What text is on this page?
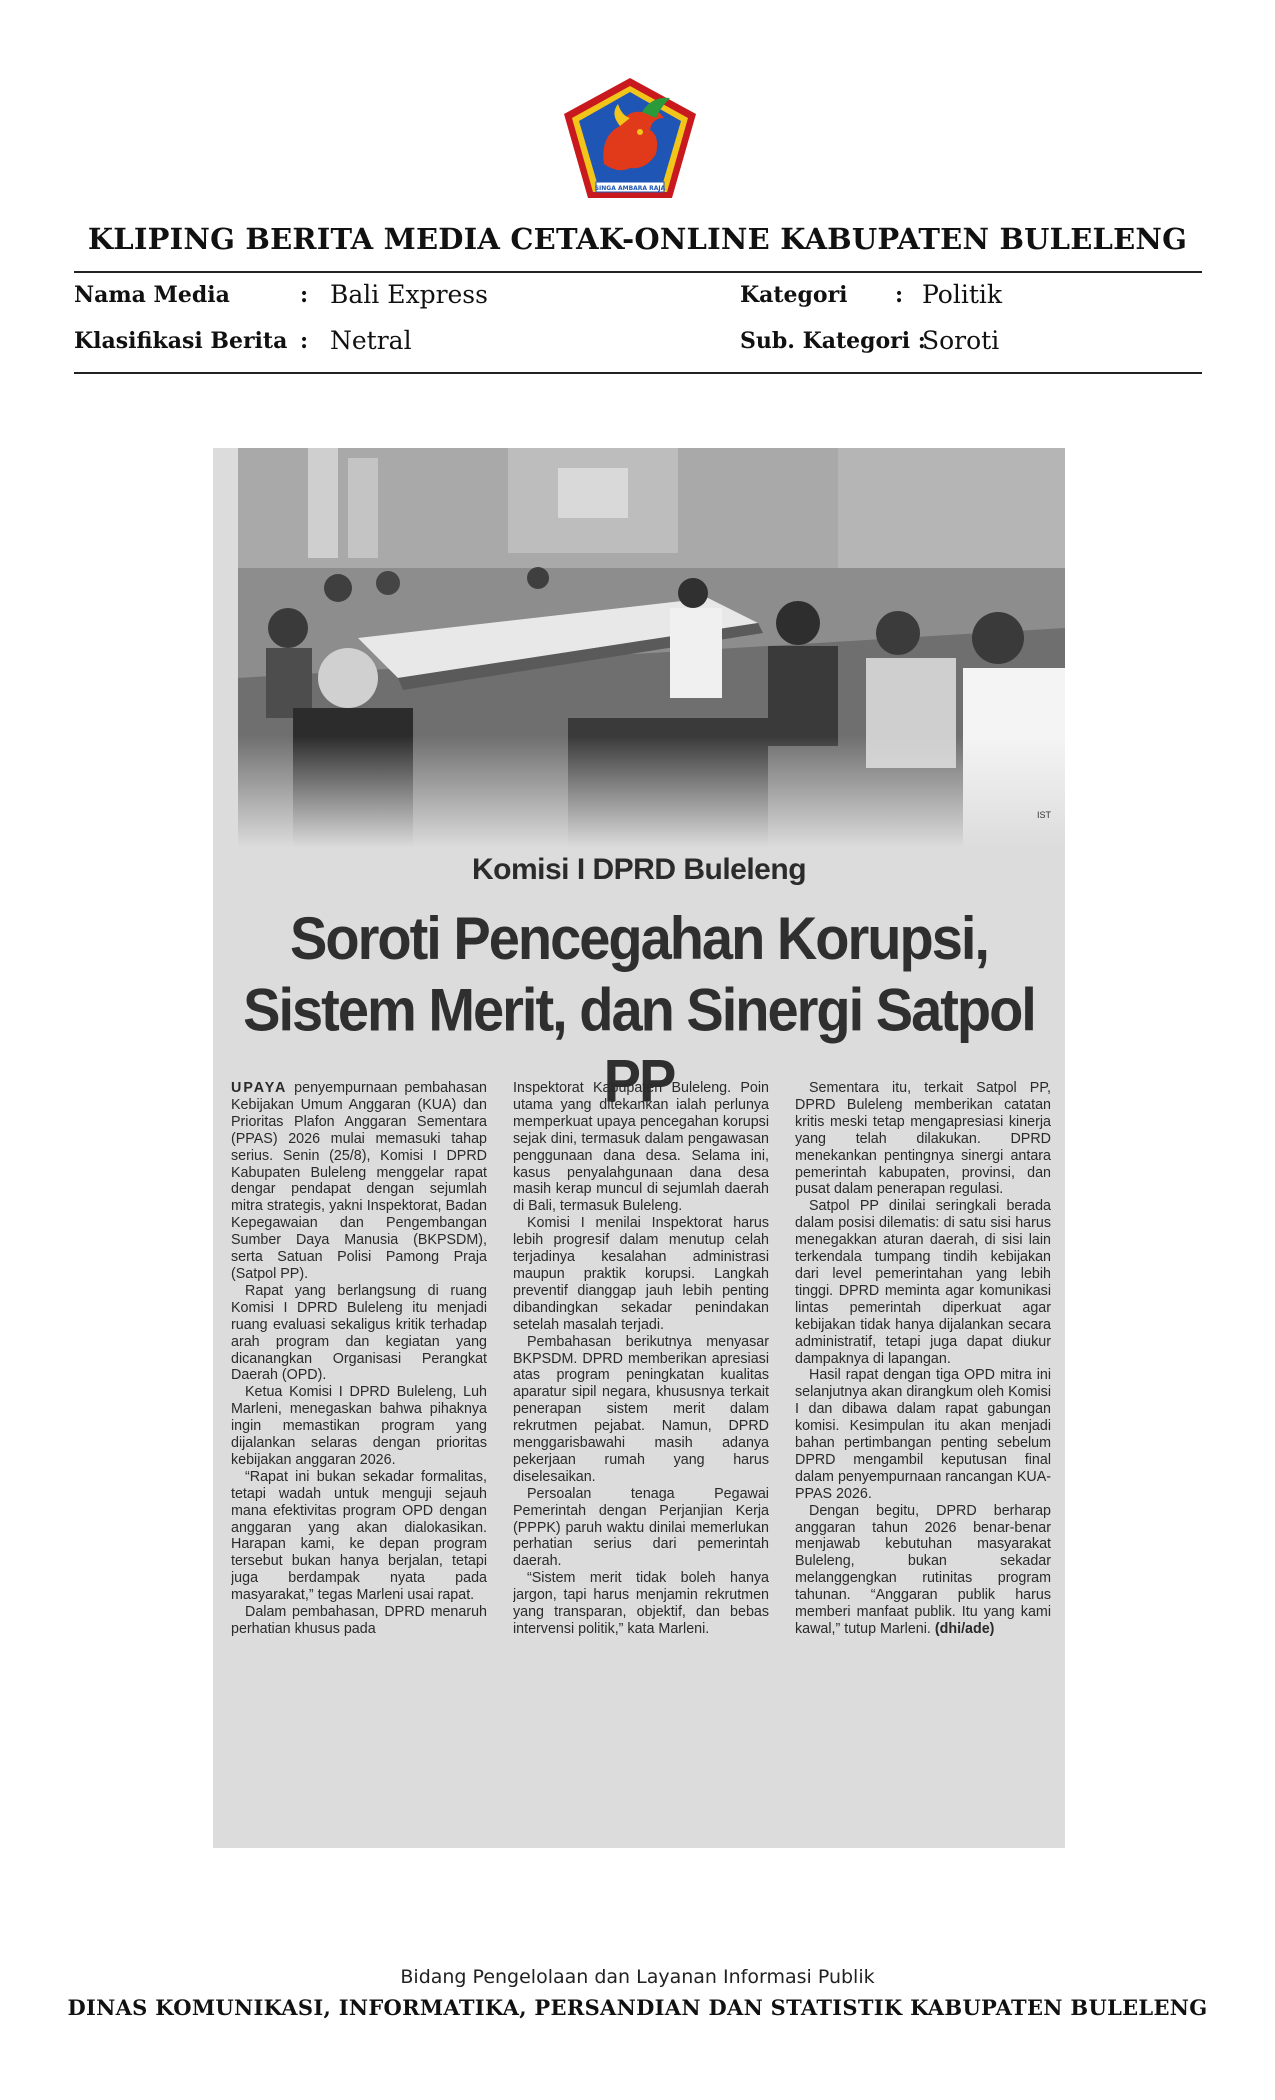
SINGA AMBARA RAJA
KLIPING BERITA MEDIA CETAK-ONLINE KABUPATEN BULELENG
Nama Media	: Bali Express
Klasifikasi Berita : Netral
Kategori : Politik
Sub. Kategori :
Soroti
IST
Komisi I DPRD Buleleng
Soroti Pencegahan Korupsi, Sistem Merit, dan Sinergi Satpol PP

UPAYA penyempurnaan pembahasan Kebijakan Umum Anggaran (KUA) dan Prioritas Plafon Anggaran Sementara (PPAS) 2026 mulai memasuki tahap serius. Senin (25/8), Komisi I DPRD Kabupaten Buleleng menggelar rapat dengar pendapat dengan sejumlah mitra strategis, yakni Inspektorat, Badan Kepegawaian dan Pengembangan Sumber Daya Manusia (BKPSDM), serta Satuan Polisi Pamong Praja (Satpol PP).

Rapat yang berlangsung di ruang Komisi I DPRD Buleleng itu menjadi ruang evaluasi sekaligus kritik terhadap arah program dan kegiatan yang dicanangkan Organisasi Perangkat Daerah (OPD).

Ketua Komisi I DPRD Buleleng, Luh Marleni, menegaskan bahwa pihaknya ingin memastikan program yang dijalankan selaras dengan prioritas kebijakan anggaran 2026.

“Rapat ini bukan sekadar formalitas, tetapi wadah untuk menguji sejauh mana efektivitas program OPD dengan anggaran yang akan dialokasikan. Harapan kami, ke depan program tersebut bukan hanya berjalan, tetapi juga berdampak nyata pada masyarakat,” tegas Marleni usai rapat.

Dalam pembahasan, DPRD menaruh perhatian khusus pada

Inspektorat Kabupaten Buleleng. Poin utama yang ditekankan ialah perlunya memperkuat upaya pencegahan korupsi sejak dini, termasuk dalam pengawasan penggunaan dana desa. Selama ini, kasus penyalahgunaan dana desa masih kerap muncul di sejumlah daerah di Bali, termasuk Buleleng.

Komisi I menilai Inspektorat harus lebih progresif dalam menutup celah terjadinya kesalahan administrasi maupun praktik korupsi. Langkah preventif dianggap jauh lebih penting dibandingkan sekadar penindakan setelah masalah terjadi.

Pembahasan berikutnya menyasar BKPSDM. DPRD memberikan apresiasi atas program peningkatan kualitas aparatur sipil negara, khususnya terkait penerapan sistem merit dalam rekrutmen pejabat. Namun, DPRD menggarisbawahi masih adanya pekerjaan rumah yang harus diselesaikan.

Persoalan tenaga Pegawai Pemerintah dengan Perjanjian Kerja (PPPK) paruh waktu dinilai memerlukan perhatian serius dari pemerintah daerah.

“Sistem merit tidak boleh hanya jargon, tapi harus menjamin rekrutmen yang transparan, objektif, dan bebas intervensi politik,” kata Marleni.

Sementara itu, terkait Satpol PP, DPRD Buleleng memberikan catatan kritis meski tetap mengapresiasi kinerja yang telah dilakukan. DPRD menekankan pentingnya sinergi antara pemerintah kabupaten, provinsi, dan pusat dalam penerapan regulasi.

Satpol PP dinilai seringkali berada dalam posisi dilematis: di satu sisi harus menegakkan aturan daerah, di sisi lain terkendala tumpang tindih kebijakan dari level pemerintahan yang lebih tinggi. DPRD meminta agar komunikasi lintas pemerintah diperkuat agar kebijakan tidak hanya dijalankan secara administratif, tetapi juga dapat diukur dampaknya di lapangan.

Hasil rapat dengan tiga OPD mitra ini selanjutnya akan dirangkum oleh Komisi I dan dibawa dalam rapat gabungan komisi. Kesimpulan itu akan menjadi bahan pertimbangan penting sebelum DPRD mengambil keputusan final dalam penyempurnaan rancangan KUA-PPAS 2026.

Dengan begitu, DPRD berharap anggaran tahun 2026 benar-benar menjawab kebutuhan masyarakat Buleleng, bukan sekadar melanggengkan rutinitas program tahunan. “Anggaran publik harus memberi manfaat publik. Itu yang kami kawal,” tutup Marleni. (dhi/ade)

Bidang Pengelolaan dan Layanan Informasi Publik
DINAS KOMUNIKASI, INFORMATIKA, PERSANDIAN DAN STATISTIK KABUPATEN BULELENG
